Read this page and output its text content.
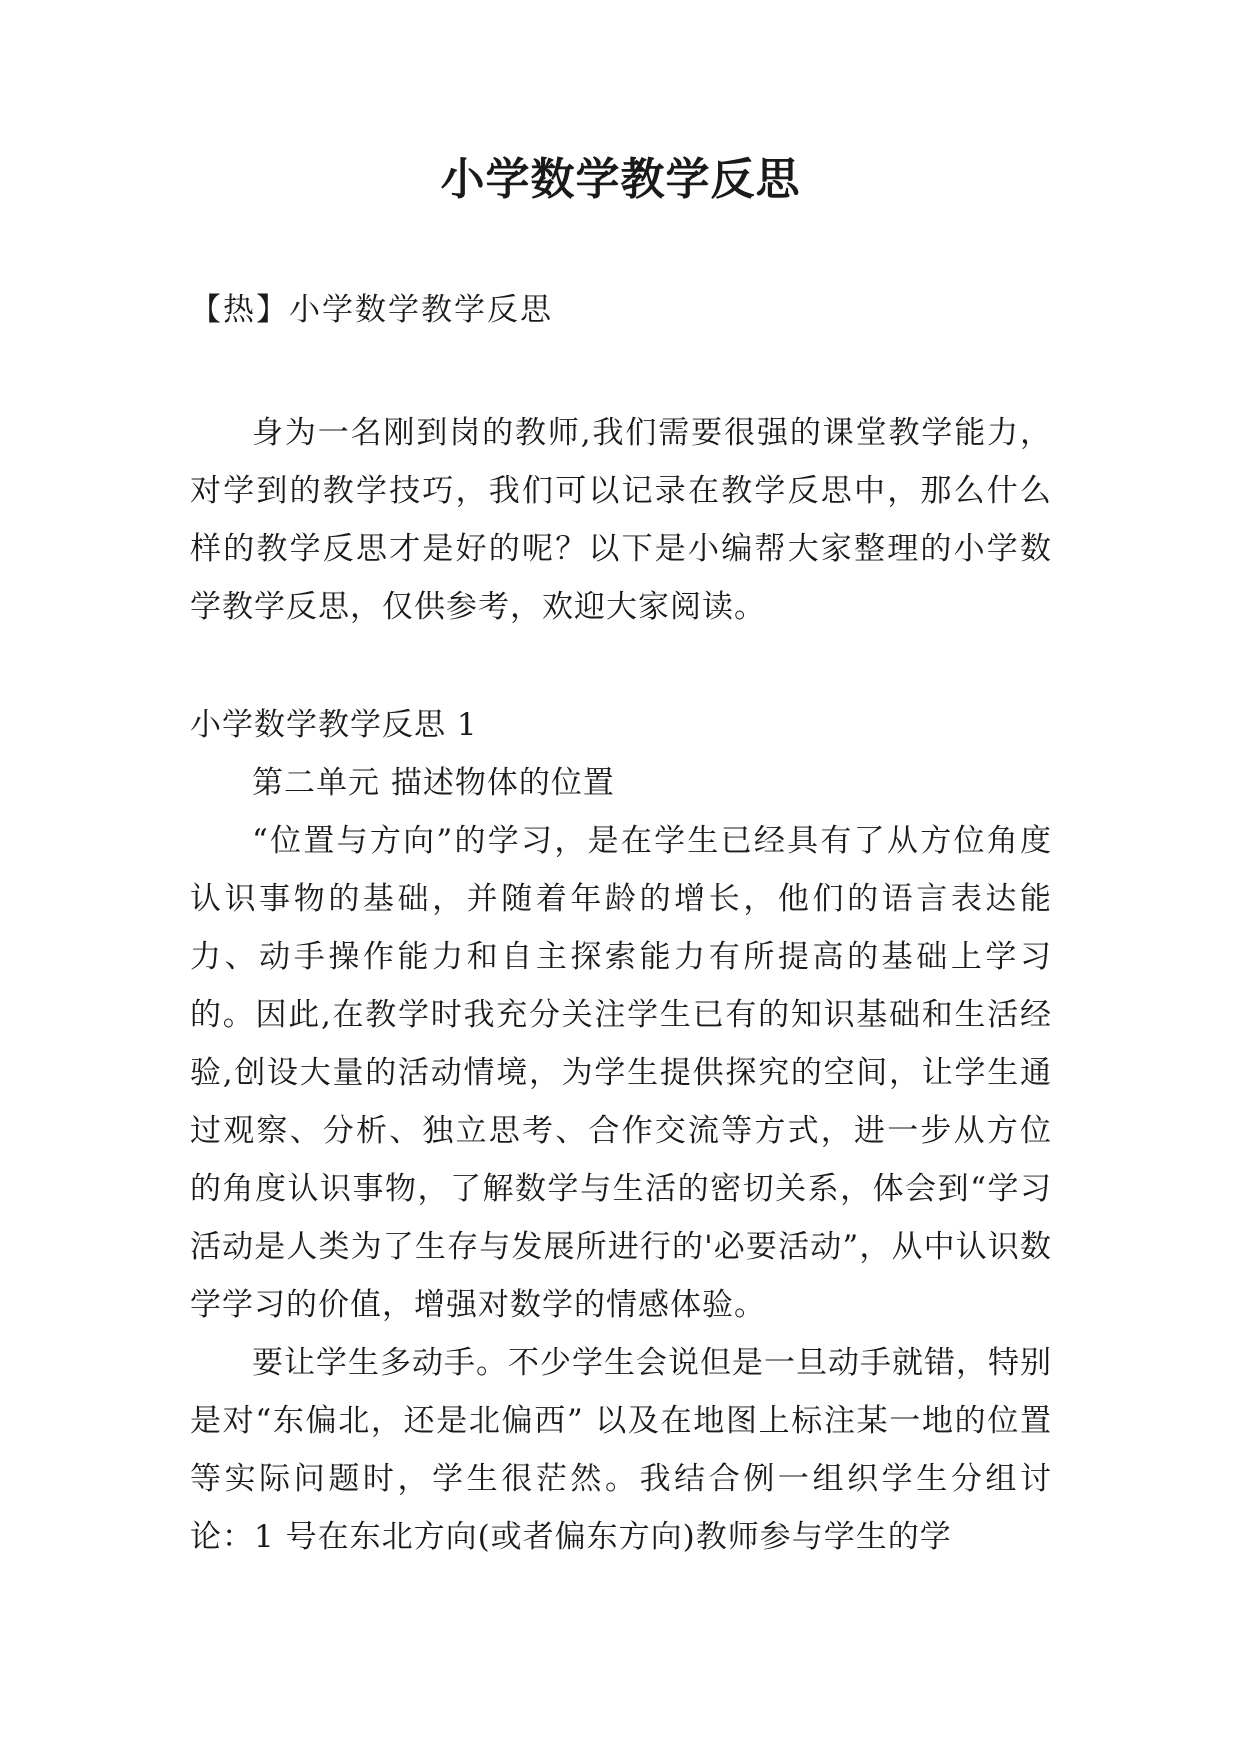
小学数学教学反思

【热】小学数学教学反思

身为一名刚到岗的教师,我们需要很强的课堂教学能力，对学到的教学技巧，我们可以记录在教学反思中，那么什么样的教学反思才是好的呢？以下是小编帮大家整理的小学数学教学反思，仅供参考，欢迎大家阅读。

小学数学教学反思 1

第二单元 描述物体的位置

“位置与方向”的学习，是在学生已经具有了从方位角度认识事物的基础，并随着年龄的增长，他们的语言表达能力、动手操作能力和自主探索能力有所提高的基础上学习的。因此,在教学时我充分关注学生已有的知识基础和生活经验,创设大量的活动情境，为学生提供探究的空间，让学生通过观察、分析、独立思考、合作交流等方式，进一步从方位的角度认识事物，了解数学与生活的密切关系，体会到“学习活动是人类为了生存与发展所进行的'必要活动”，从中认识数学学习的价值，增强对数学的情感体验。

要让学生多动手。不少学生会说但是一旦动手就错，特别是对“东偏北，还是北偏西” 以及在地图上标注某一地的位置等实际问题时，学生很茫然。我结合例一组织学生分组讨论：1 号在东北方向(或者偏东方向)教师参与学生的学
